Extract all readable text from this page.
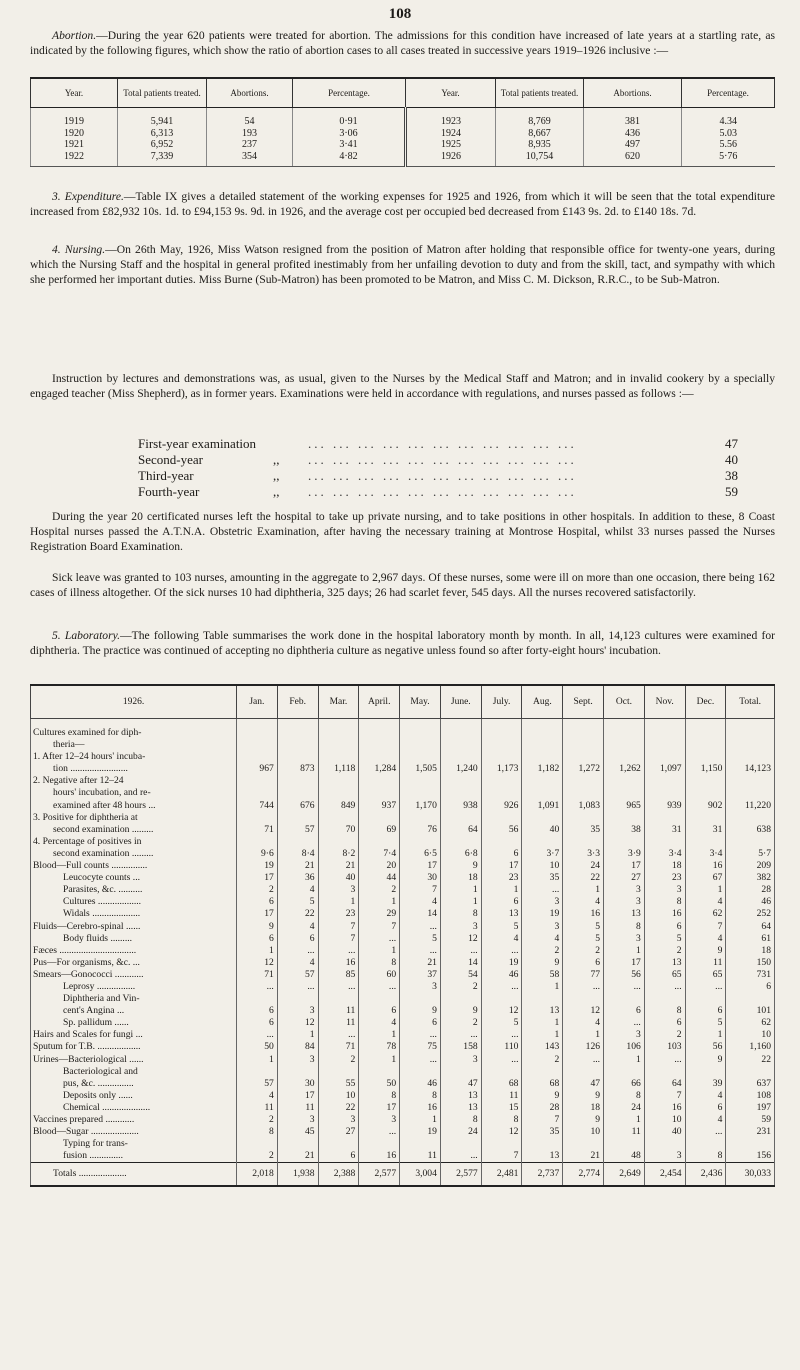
108
Abortion.—During the year 620 patients were treated for abortion. The admissions for this condition have increased of late years at a startling rate, as indicated by the following figures, which show the ratio of abortion cases to all cases treated in successive years 1919–1926 inclusive :—
Year.	Total patients treated.	Abortions.	Percentage.	Year.	Total patients treated.	Abortions.	Percentage.
1919	5,941	54	0·91	1923	8,769	381	4.34
1920	6,313	193	3·06	1924	8,667	436	5.03
1921	6,952	237	3·41	1925	8,935	497	5.56
1922	7,339	354	4·82	1926	10,754	620	5·76
3. Expenditure.—Table IX gives a detailed statement of the working expenses for 1925 and 1926, from which it will be seen that the total expenditure increased from £82,932 10s. 1d. to £94,153 9s. 9d. in 1926, and the average cost per occupied bed decreased from £143 9s. 2d. to £140 18s. 7d.
4. Nursing.—On 26th May, 1926, Miss Watson resigned from the position of Matron after holding that responsible office for twenty-one years, during which the Nursing Staff and the hospital in general profited inestimably from her unfailing devotion to duty and from the skill, tact, and sympathy with which she performed her important duties. Miss Burne (Sub-Matron) has been promoted to be Matron, and Miss C. M. Dickson, R.R.C., to be Sub-Matron.
Instruction by lectures and demonstrations was, as usual, given to the Nurses by the Medical Staff and Matron; and in invalid cookery by a specially engaged teacher (Miss Shepherd), as in former years. Examinations were held in accordance with regulations, and nurses passed as follows :—
First-year examination	... ... ... ... ... ... ... ... ... ... ...	47
Second-year	,,	... ... ... ... ... ... ... ... ... ... ...	40
Third-year	,,	... ... ... ... ... ... ... ... ... ... ...	38
Fourth-year	,,	... ... ... ... ... ... ... ... ... ... ...	59
During the year 20 certificated nurses left the hospital to take up private nursing, and to take positions in other hospitals. In addition to these, 8 Coast Hospital nurses passed the A.T.N.A. Obstetric Examination, after having the necessary training at Montrose Hospital, whilst 33 nurses passed the Nurses Registration Board Examination.
Sick leave was granted to 103 nurses, amounting in the aggregate to 2,967 days. Of these nurses, some were ill on more than one occasion, there being 162 cases of illness altogether. Of the sick nurses 10 had diphtheria, 325 days; 26 had scarlet fever, 545 days. All the nurses recovered satisfactorily.
5. Laboratory.—The following Table summarises the work done in the hospital laboratory month by month. In all, 14,123 cultures were examined for diphtheria. The practice was continued of accepting no diphtheria culture as negative unless found so after forty-eight hours' incubation.
1926.	Jan.	Feb.	Mar.	April.	May.	June.	July.	Aug.	Sept.	Oct.	Nov.	Dec.	Total.

Cultures examined for diph-													
theria—													
1. After 12–24 hours' incuba-													
tion ........................	967	873	1,118	1,284	1,505	1,240	1,173	1,182	1,272	1,262	1,097	1,150	14,123
2. Negative after 12–24													
hours' incubation, and re-													
examined after 48 hours ...	744	676	849	937	1,170	938	926	1,091	1,083	965	939	902	11,220
3. Positive for diphtheria at													
second examination .........	71	57	70	69	76	64	56	40	35	38	31	31	638
4. Percentage of positives in													
second examination .........	9·6	8·4	8·2	7·4	6·5	6·8	6	3·7	3·3	3·9	3·4	3·4	5·7
Blood—Full counts ...............	19	21	21	20	17	9	17	10	24	17	18	16	209
Leucocyte counts ...	17	36	40	44	30	18	23	35	22	27	23	67	382
Parasites, &c. ..........	2	4	3	2	7	1	1	...	1	3	3	1	28
Cultures ..................	6	5	1	1	4	1	6	3	4	3	8	4	46
Widals ....................	17	22	23	29	14	8	13	19	16	13	16	62	252
Fluids—Cerebro-spinal ......	9	4	7	7	...	3	5	3	5	8	6	7	64
Body fluids .........	6	6	7	...	5	12	4	4	5	3	5	4	61
Fæces ................................	1	...	...	1	...	...	...	2	2	1	2	9	18
Pus—For organisms, &c. ...	12	4	16	8	21	14	19	9	6	17	13	11	150
Smears—Gonococci ............	71	57	85	60	37	54	46	58	77	56	65	65	731
Leprosy ................	...	...	...	...	3	2	...	1	...	...	...	...	6
Diphtheria and Vin-													
cent's Angina ...	6	3	11	6	9	9	12	13	12	6	8	6	101
Sp. pallidum ......	6	12	11	4	6	2	5	1	4	...	6	5	62
Hairs and Scales for fungi ...	...	1	...	1	...	...	...	1	1	3	2	1	10
Sputum for T.B. ..................	50	84	71	78	75	158	110	143	126	106	103	56	1,160
Urines—Bacteriological ......	1	3	2	1	...	3	...	2	...	1	...	9	22
Bacteriological and													
pus, &c. ...............	57	30	55	50	46	47	68	68	47	66	64	39	637
Deposits only ......	4	17	10	8	8	13	11	9	9	8	7	4	108
Chemical ....................	11	11	22	17	16	13	15	28	18	24	16	6	197
Vaccines prepared ............	2	3	3	3	1	8	8	7	9	1	10	4	59
Blood—Sugar ....................	8	45	27	...	19	24	12	35	10	11	40	...	231
Typing for trans-													
fusion ..............	2	21	6	16	11	...	7	13	21	48	3	8	156
Totals ....................	2,018	1,938	2,388	2,577	3,004	2,577	2,481	2,737	2,774	2,649	2,454	2,436	30,033
